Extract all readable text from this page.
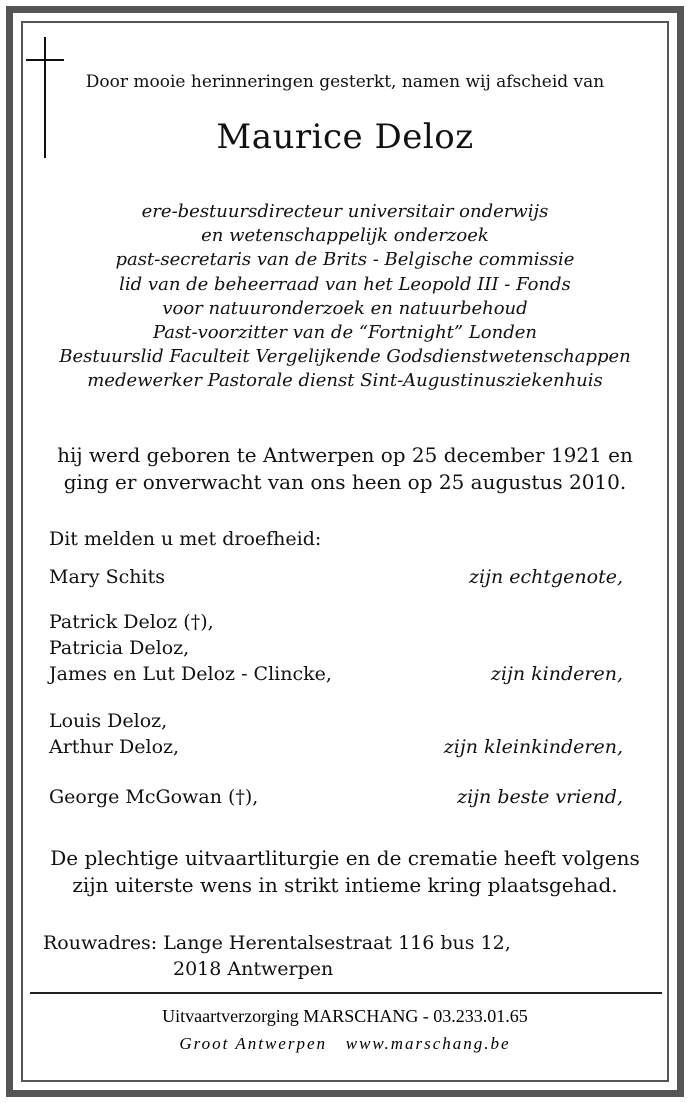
Door mooie herinneringen gesterkt, namen wij afscheid van
Maurice Deloz
ere-bestuursdirecteur universitair onderwijs
en wetenschappelijk onderzoek
past-secretaris van de Brits - Belgische commissie
lid van de beheerraad van het Leopold III - Fonds
voor natuuronderzoek en natuurbehoud
Past-voorzitter van de “Fortnight” Londen
Bestuurslid Faculteit Vergelijkende Godsdienstwetenschappen
medewerker Pastorale dienst Sint-Augustinusziekenhuis
hij werd geboren te Antwerpen op 25 december 1921 en
ging er onverwacht van ons heen op 25 augustus 2010.
Dit melden u met droefheid:
Mary Schits	zijn echtgenote,
Patrick Deloz (†),
Patricia Deloz,
James en Lut Deloz - Clincke,	zijn kinderen,
Louis Deloz,
Arthur Deloz,	zijn kleinkinderen,
George McGowan (†),	zijn beste vriend,
De plechtige uitvaartliturgie en de crematie heeft volgens
zijn uiterste wens in strikt intieme kring plaatsgehad.
Rouwadres: Lange Herentalsestraat 116 bus 12,
2018 Antwerpen
Uitvaartverzorging MARSCHANG - 03.233.01.65
Groot Antwerpen   www.marschang.be
